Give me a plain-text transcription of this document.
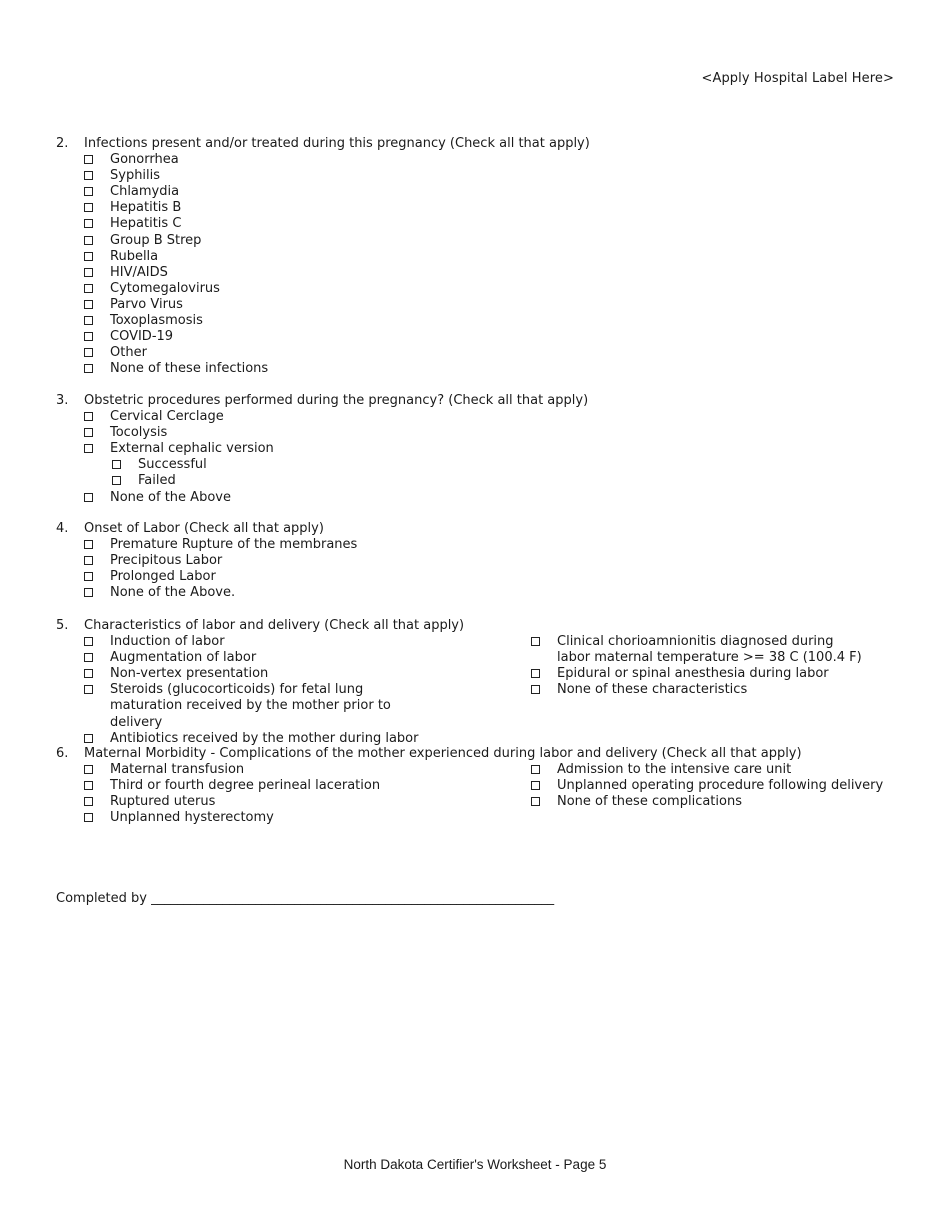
<Apply Hospital Label Here>
2.	Infections present and/or treated during this pregnancy (Check all that apply)
Gonorrhea
Syphilis
Chlamydia
Hepatitis B
Hepatitis C
Group B Strep
Rubella
HIV/AIDS
Cytomegalovirus
Parvo Virus
Toxoplasmosis
COVID-19
Other
None of these infections
3.	Obstetric procedures performed during the pregnancy? (Check all that apply)
Cervical Cerclage
Tocolysis
External cephalic version
Successful
Failed
None of the Above
4.	Onset of Labor (Check all that apply)
Premature Rupture of the membranes
Precipitous Labor
Prolonged Labor
None of the Above.
5.	Characteristics of labor and delivery (Check all that apply)
Induction of labor
Augmentation of labor
Non-vertex presentation
Steroids (glucocorticoids) for fetal lung maturation received by the mother prior to delivery
Antibiotics received by the mother during labor
Clinical chorioamnionitis diagnosed during labor maternal temperature >= 38 C (100.4 F)
Epidural or spinal anesthesia during labor
None of these characteristics
6.	Maternal Morbidity - Complications of the mother experienced during labor and delivery (Check all that apply)
Maternal transfusion
Third or fourth degree perineal laceration
Ruptured uterus
Unplanned hysterectomy
Admission to the intensive care unit
Unplanned operating procedure following delivery
None of these complications
Completed by ______________________________________________________________
North Dakota Certifier's Worksheet - Page 5
